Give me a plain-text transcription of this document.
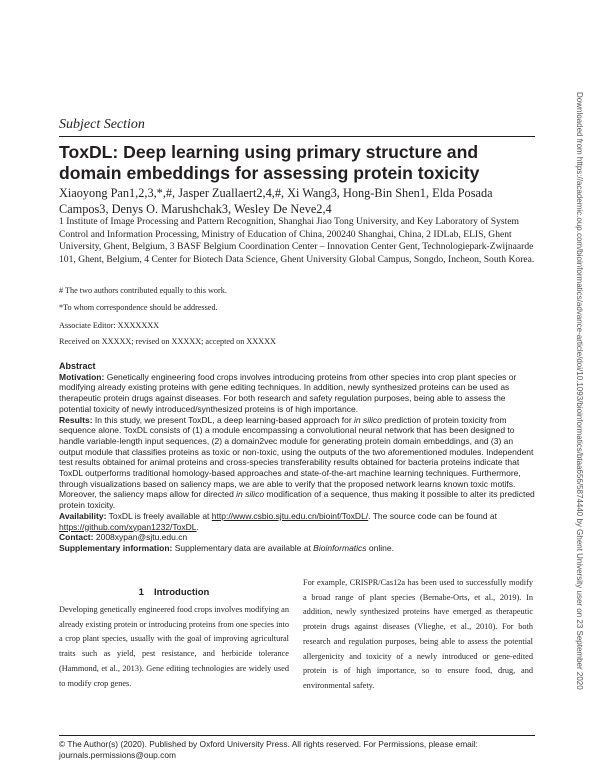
Subject Section
ToxDL: Deep learning using primary structure and
domain embeddings for assessing protein toxicity

Xiaoyong Pan1,2,3,*,#, Jasper Zuallaert2,4,#, Xi Wang3, Hong-Bin Shen1, Elda Posada

Campos3, Denys O. Marushchak3, Wesley De Neve2,4

1 Institute of Image Processing and Pattern Recognition, Shanghai Jiao Tong University, and Key Laboratory of System Control and Information Processing, Ministry of Education of China, 200240 Shanghai, China, 2 IDLab, ELIS, Ghent University, Ghent, Belgium, 3 BASF Belgium Coordination Center – Innovation Center Gent, Technologiepark-Zwijnaarde 101, Ghent, Belgium, 4 Center for Biotech Data Science, Ghent University Global Campus, Songdo, Incheon, South Korea.
# The two authors contributed equally to this work.
*To whom correspondence should be addressed.
Associate Editor: XXXXXXX
Received on XXXXX; revised on XXXXX; accepted on XXXXX

Abstract

Motivation: Genetically engineering food crops involves introducing proteins from other species into crop plant species or modifying already existing proteins with gene editing techniques. In addition, newly synthesized proteins can be used as therapeutic protein drugs against diseases. For both research and safety regulation purposes, being able to assess the potential toxicity of newly introduced/synthesized proteins is of high importance.

Results: In this study, we present ToxDL, a deep learning-based approach for in silico prediction of protein toxicity from sequence alone. ToxDL consists of (1) a module encompassing a convolutional neural network that has been designed to handle variable-length input sequences, (2) a domain2vec module for generating protein domain embeddings, and (3) an output module that classifies proteins as toxic or non-toxic, using the outputs of the two aforementioned modules. Independent test results obtained for animal proteins and cross-species transferability results obtained for bacteria proteins indicate that ToxDL outperforms traditional homology-based approaches and state-of-the-art machine learning techniques. Furthermore, through visualizations based on saliency maps, we are able to verify that the proposed network learns known toxic motifs. Moreover, the saliency maps allow for directed in silico modification of a sequence, thus making it possible to alter its predicted protein toxicity.

Availability: ToxDL is freely available at http://www.csbio.sjtu.edu.cn/bioinf/ToxDL/. The source code can be found at https://github.com/xypan1232/ToxDL.

Contact: 2008xypan@sjtu.edu.cn

Supplementary information: Supplementary data are available at Bioinformatics online.

1 Introduction

Developing genetically engineered food crops involves modifying an already existing protein or introducing proteins from one species into a crop plant species, usually with the goal of improving agricultural traits such as yield, pest resistance, and herbicide tolerance (Hammond, et al., 2013). Gene editing technologies are widely used to modify crop genes.

For example, CRISPR/Cas12a has been used to successfully modify a broad range of plant species (Bernabe-Orts, et al., 2019). In addition, newly synthesized proteins have emerged as therapeutic protein drugs against diseases (Vlieghe, et al., 2010). For both research and regulation purposes, being able to assess the potential allergenicity and toxicity of a newly introduced or gene-edited protein is of high importance, so to ensure food, drug, and environmental safety.

© The Author(s) (2020). Published by Oxford University Press. All rights reserved. For Permissions, please email:

journals.permissions@oup.com

Downloaded from https://academic.oup.com/bioinformatics/advance-article/doi/10.1093/bioinformatics/btaa656/5874440 by Ghent University user on 23 September 2020
